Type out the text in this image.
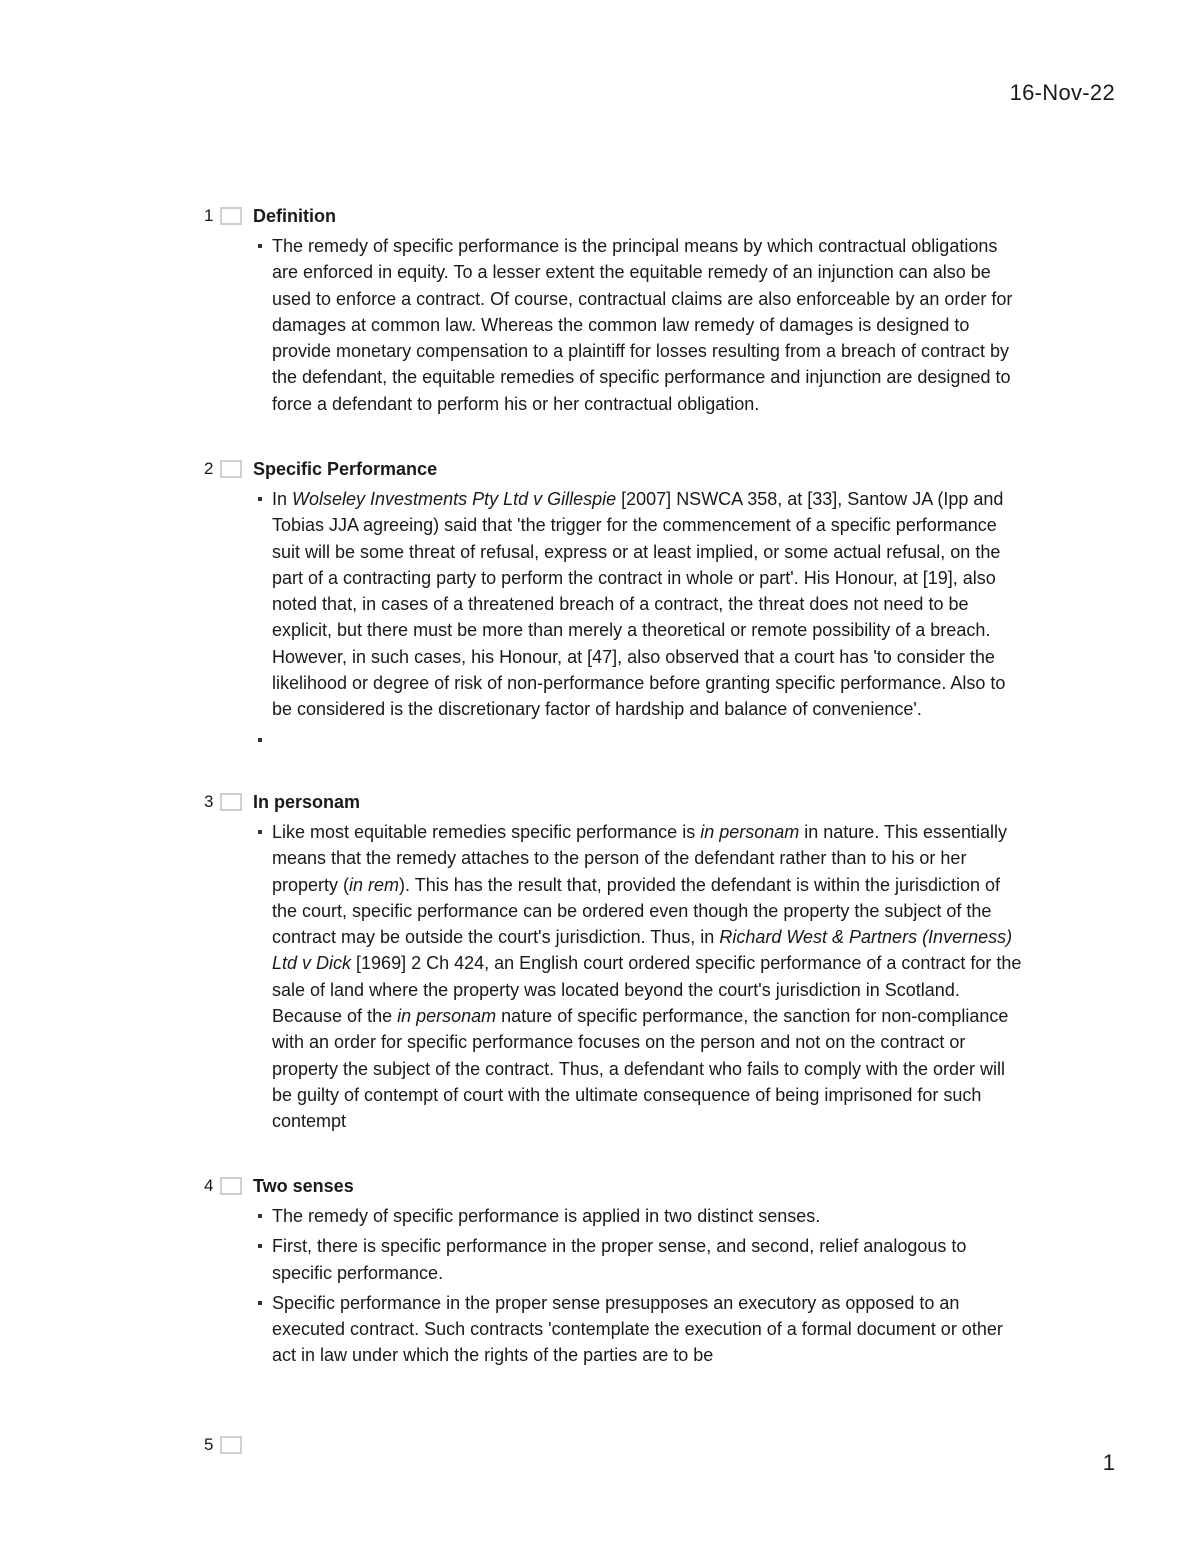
16-Nov-22
1	Definition
The remedy of specific performance is the principal means by which contractual obligations are enforced in equity. To a lesser extent the equitable remedy of an injunction can also be used to enforce a contract. Of course, contractual claims are also enforceable by an order for damages at common law. Whereas the common law remedy of damages is designed to provide monetary compensation to a plaintiff for losses resulting from a breach of contract by the defendant, the equitable remedies of specific performance and injunction are designed to force a defendant to perform his or her contractual obligation.
2	Specific Performance
In Wolseley Investments Pty Ltd v Gillespie [2007] NSWCA 358, at [33], Santow JA (Ipp and Tobias JJA agreeing) said that 'the trigger for the commencement of a specific performance suit will be some threat of refusal, express or at least implied, or some actual refusal, on the part of a contracting party to perform the contract in whole or part'. His Honour, at [19], also noted that, in cases of a threatened breach of a contract, the threat does not need to be explicit, but there must be more than merely a theoretical or remote possibility of a breach. However, in such cases, his Honour, at [47], also observed that a court has 'to consider the likelihood or degree of risk of non-performance before granting specific performance. Also to be considered is the discretionary factor of hardship and balance of convenience'.
3	In personam
Like most equitable remedies specific performance is in personam in nature. This essentially means that the remedy attaches to the person of the defendant rather than to his or her property (in rem). This has the result that, provided the defendant is within the jurisdiction of the court, specific performance can be ordered even though the property the subject of the contract may be outside the court's jurisdiction. Thus, in Richard West & Partners (Inverness) Ltd v Dick [1969] 2 Ch 424, an English court ordered specific performance of a contract for the sale of land where the property was located beyond the court's jurisdiction in Scotland. Because of the in personam nature of specific performance, the sanction for non-compliance with an order for specific performance focuses on the person and not on the contract or property the subject of the contract. Thus, a defendant who fails to comply with the order will be guilty of contempt of court with the ultimate consequence of being imprisoned for such contempt
4	Two senses
The remedy of specific performance is applied in two distinct senses.
First, there is specific performance in the proper sense, and second, relief analogous to specific performance.
Specific performance in the proper sense presupposes an executory as opposed to an executed contract. Such contracts 'contemplate the execution of a formal document or other act in law under which the rights of the parties are to be
5
1
